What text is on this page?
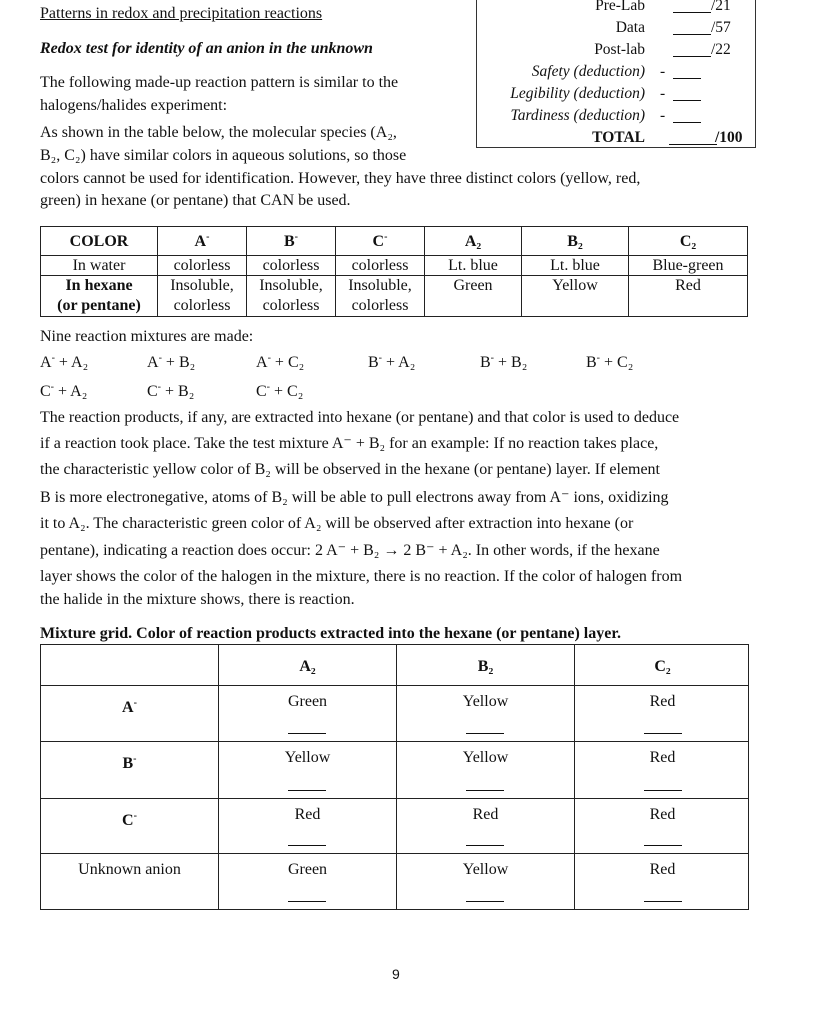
Patterns in redox and precipitation reactions
Redox test for identity of an anion in the unknown
Pre-Lab	/21
Data	/57
Post-lab	/22
Safety (deduction) -
Legibility (deduction) -
Tardiness (deduction) -
TOTAL	/100
The following made-up reaction pattern is similar to the
halogens/halides experiment:
As shown in the table below, the molecular species (A₂,
B₂, C₂) have similar colors in aqueous solutions, so those
colors cannot be used for identification. However, they have three distinct colors (yellow, red,
green) in hexane (or pentane) that CAN be used.
COLOR	A-	B-	C-	A₂	B₂	C₂
In water	colorless	colorless	colorless	Lt. blue	Lt. blue	Blue-green
In hexane
(or pentane)	Insoluble,
colorless	Insoluble,
colorless	Insoluble,
colorless	Green	Yellow	Red
Nine reaction mixtures are made:
A- + A₂	A- + B₂	A- + C₂	B- + A₂	B- + B₂	B- + C₂
C- + A₂	C- + B₂	C- + C₂
The reaction products, if any, are extracted into hexane (or pentane) and that color is used to deduce
if a reaction took place. Take the test mixture A⁻ + B₂ for an example: If no reaction takes place,
the characteristic yellow color of B₂ will be observed in the hexane (or pentane) layer. If element
B is more electronegative, atoms of B₂ will be able to pull electrons away from A⁻ ions, oxidizing
it to A₂. The characteristic green color of A₂ will be observed after extraction into hexane (or
pentane), indicating a reaction does occur: 2 A⁻ + B₂ → 2 B⁻ + A₂. In other words, if the hexane
layer shows the color of the halogen in the mixture, there is no reaction. If the color of halogen from
the halide in the mixture shows, there is reaction.
Mixture grid. Color of reaction products extracted into the hexane (or pentane) layer.
A₂	B₂	C₂
A-	Green	Yellow	Red
B-	Yellow	Yellow	Red
C-	Red	Red	Red
Unknown anion	Green	Yellow	Red
9
